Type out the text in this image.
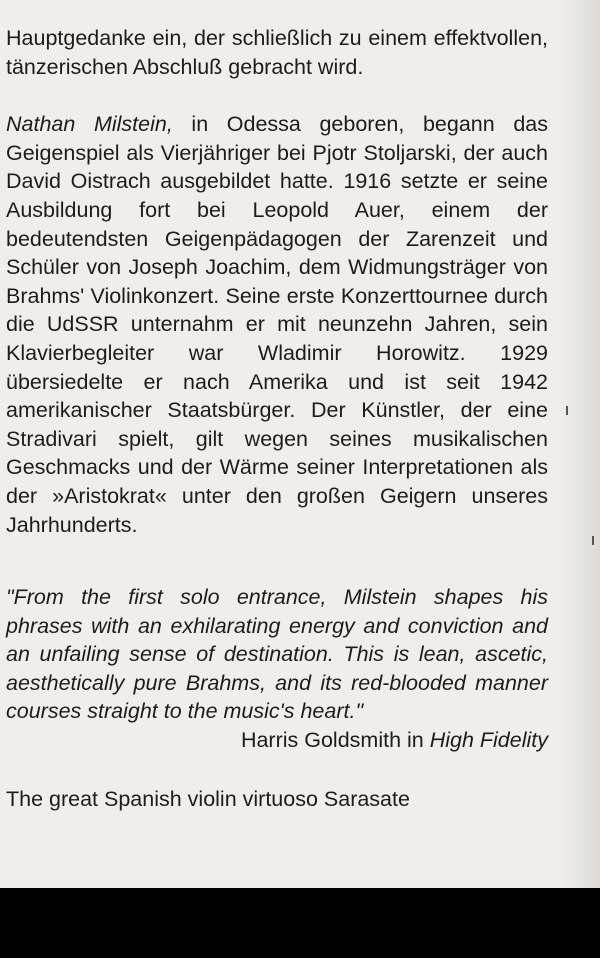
Hauptgedanke ein, der schließlich zu einem effektvollen, tänzerischen Abschluß gebracht wird.

Nathan Milstein, in Odessa geboren, begann das Geigenspiel als Vierjähriger bei Pjotr Stoljarski, der auch David Oistrach ausgebildet hatte. 1916 setzte er seine Ausbildung fort bei Leopold Auer, einem der bedeutendsten Geigenpädagogen der Zarenzeit und Schüler von Joseph Joachim, dem Widmungsträger von Brahms' Violinkonzert. Seine erste Konzerttournee durch die UdSSR unternahm er mit neunzehn Jahren, sein Klavierbegleiter war Wladimir Horowitz. 1929 übersiedelte er nach Amerika und ist seit 1942 amerikanischer Staatsbürger. Der Künstler, der eine Stradivari spielt, gilt wegen seines musikalischen Geschmacks und der Wärme seiner Interpretationen als der »Aristokrat« unter den großen Geigern unseres Jahrhunderts.

"From the first solo entrance, Milstein shapes his phrases with an exhilarating energy and conviction and an unfailing sense of destination. This is lean, ascetic, aesthetically pure Brahms, and its red-blooded manner courses straight to the music's heart."

Harris Goldsmith in High Fidelity

The great Spanish violin virtuoso Sarasate
